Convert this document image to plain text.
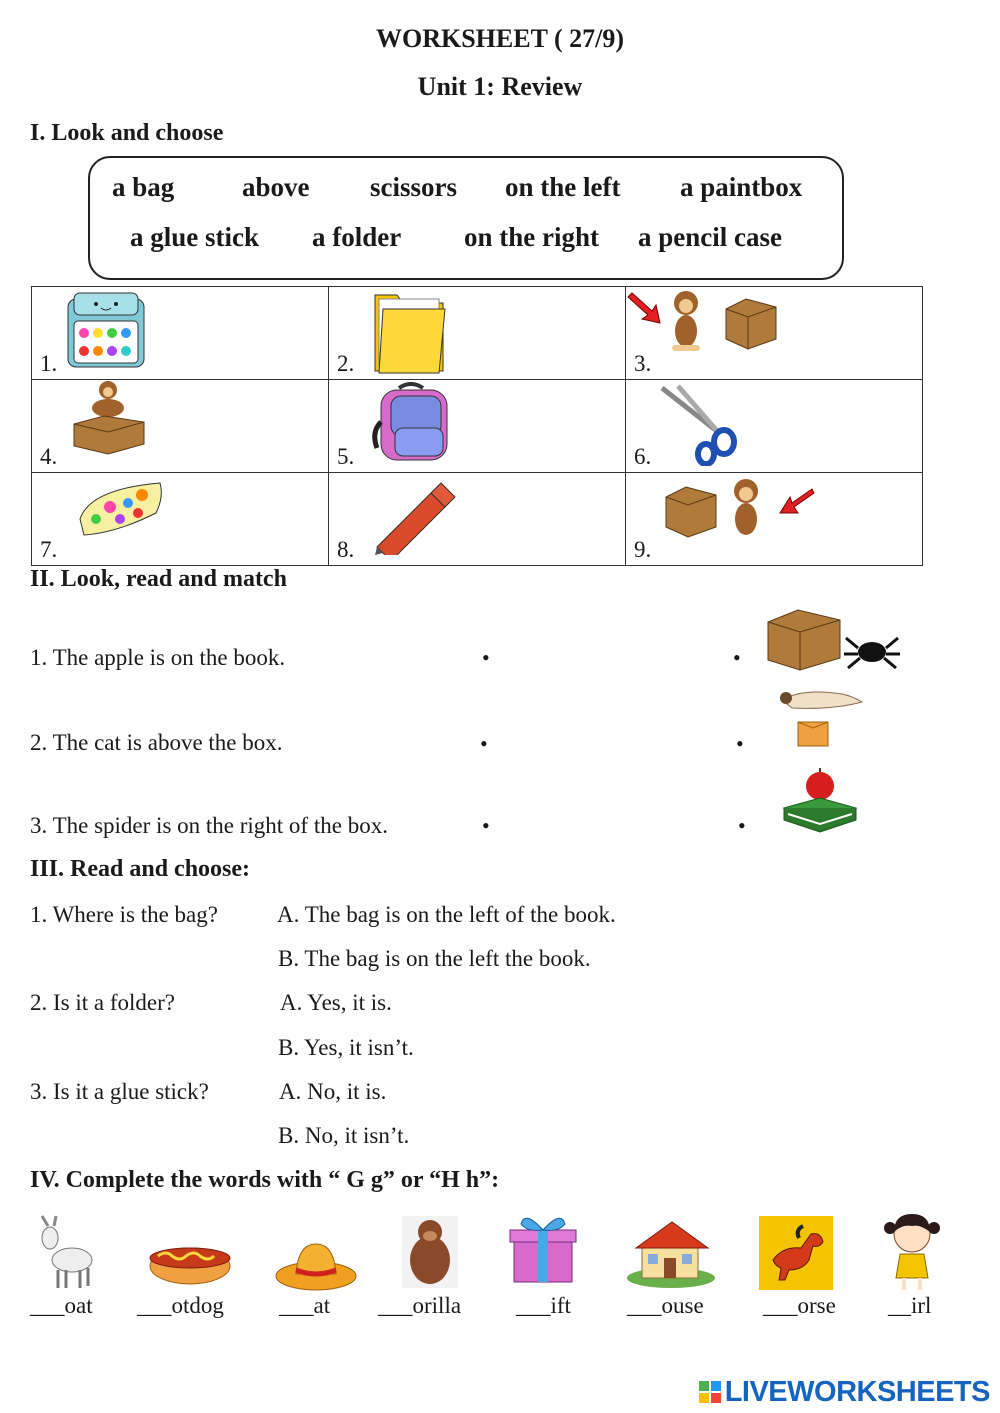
WORKSHEET ( 27/9)
Unit 1: Review
I. Look and choose
a bag	above scissors on the left a paintbox
a glue stick a folder on the right a pencil case
1.	2.	3.

4.	5.	6.

7.	8.	9.
II. Look, read and match
1. The apple is on the book.
2. The cat is above the box.
3. The spider is on the right of the box.
•
•
•
•
•
•
III. Read and choose:
1. Where is the bag?	A. The bag is on the left of the book.
B. The bag is on the left the book.
2. Is it a folder?	A. Yes, it is.
B. Yes, it isn’t.
3. Is it a glue stick?	A. No, it is.
B. No, it isn’t.
IV. Complete the words with “ G g” or “H h”:
___oat ___otdog ___at ___orilla ___ift ___ouse	___orse __irl
LIVEWORKSHEETS
